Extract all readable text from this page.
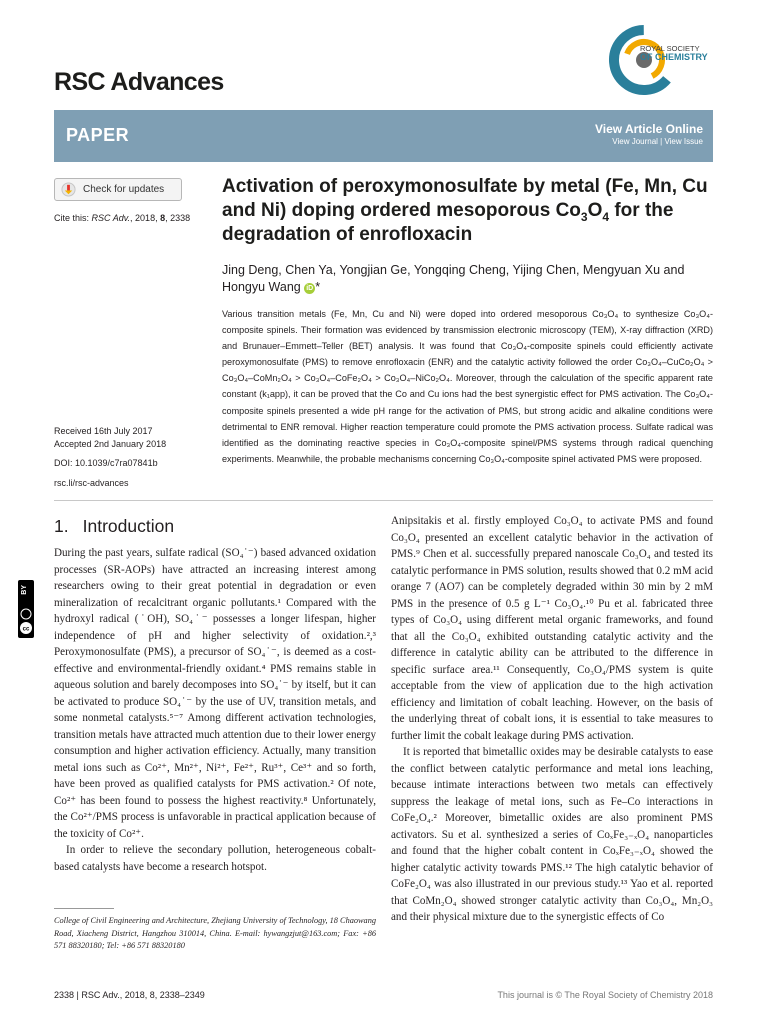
RSC Advances
ROYAL SOCIETY
OF CHEMISTRY
PAPER	View Article Online
View Journal | View Issue
Check for updates
Cite this: RSC Adv., 2018, 8, 2338
Activation of peroxymonosulfate by metal (Fe, Mn, Cu and Ni) doping ordered mesoporous $Co_3O_4$ for the degradation of enrofloxacin
Jing Deng, Chen Ya, Yongjian Ge, Yongqing Cheng, Yijing Chen, Mengyuan Xu and Hongyu Wang iD *
Various transition metals (Fe, Mn, Cu and Ni) were doped into ordered mesoporous Co₃O₄ to synthesize Co₃O₄-composite spinels. Their formation was evidenced by transmission electronic microscopy (TEM), X-ray diffraction (XRD) and Brunauer–Emmett–Teller (BET) analysis. It was found that Co₃O₄-composite spinels could efficiently activate peroxymonosulfate (PMS) to remove enrofloxacin (ENR) and the catalytic activity followed the order Co₃O₄–CuCo₂O₄ > Co₃O₄–CoMn₂O₄ > Co₃O₄–CoFe₂O₄ > Co₃O₄–NiCo₂O₄. Moreover, through the calculation of the specific apparent rate constant (k₁app), it can be proved that the Co and Cu ions had the best synergistic effect for PMS activation. The Co₃O₄-composite spinels presented a wide pH range for the activation of PMS, but strong acidic and alkaline conditions were detrimental to ENR removal. Higher reaction temperature could promote the PMS activation process. Sulfate radical was identified as the dominating reactive species in Co₃O₄-composite spinel/PMS systems through radical quenching experiments. Meanwhile, the probable mechanisms concerning Co₃O₄-composite spinel activated PMS were proposed.
Received 16th July 2017
Accepted 2nd January 2018
DOI: 10.1039/c7ra07841b
rsc.li/rsc-advances
1. Introduction
cc
BY

During the past years, sulfate radical (SO₄˙⁻) based advanced oxidation processes (SR-AOPs) have attracted an increasing interest among researchers owing to their great potential in degradation or even mineralization of recalcitrant organic pollutants.¹ Compared with the hydroxyl radical (˙OH), SO₄˙⁻ possesses a longer lifespan, higher independence of pH and higher selectivity of oxidation.²,³ Peroxymonosulfate (PMS), a precursor of SO₄˙⁻, is deemed as a cost-effective and environmental-friendly oxidant.⁴ PMS remains stable in aqueous solution and barely decomposes into SO₄˙⁻ by itself, but it can be activated to produce SO₄˙⁻ by the use of UV, transition metals, and some nonmetal catalysts.⁵⁻⁷ Among different activation technologies, transition metals have attracted much attention due to their lower energy consumption and higher activation efficiency. Actually, many transition metal ions such as Co²⁺, Mn²⁺, Ni²⁺, Fe²⁺, Ru³⁺, Ce³⁺ and so forth, have been proved as qualified catalysts for PMS activation.² Of note, Co²⁺ has been found to possess the highest reactivity.⁸ Unfortunately, the Co²⁺/PMS process is unfavorable in practical application because of the toxicity of Co²⁺.

In order to relieve the secondary pollution, heterogeneous cobalt-based catalysts have become a research hotspot.

Anipsitakis et al. firstly employed Co₃O₄ to activate PMS and found Co₃O₄ presented an excellent catalytic behavior in the activation of PMS.⁹ Chen et al. successfully prepared nanoscale Co₃O₄ and tested its catalytic performance in PMS solution, results showed that 0.2 mM acid orange 7 (AO7) can be completely degraded within 30 min by 2 mM PMS in the presence of 0.5 g L⁻¹ Co₃O₄.¹⁰ Pu et al. fabricated three types of Co₃O₄ using different metal organic frameworks, and found that all the Co₃O₄ exhibited outstanding catalytic activity and the difference in catalytic ability can be attributed to the difference in specific surface area.¹¹ Consequently, Co₃O₄/PMS system is quite acceptable from the view of application due to the high activation efficiency and limitation of cobalt leaching. However, on the basis of the underlying threat of cobalt ions, it is essential to take measures to further limit the cobalt leakage during PMS activation.

It is reported that bimetallic oxides may be desirable catalysts to ease the conflict between catalytic performance and metal ions leaching, because intimate interactions between two metals can effectively suppress the leakage of metal ions, such as Fe–Co interactions in CoFe₂O₄.² Moreover, bimetallic oxides are also prominent PMS activators. Su et al. synthesized a series of CoₓFe₃₋ₓO₄ nanoparticles and found that the higher cobalt content in CoₓFe₃₋ₓO₄ showed the higher catalytic activity towards PMS.¹² The high catalytic behavior of CoFe₂O₄ was also illustrated in our previous study.¹³ Yao et al. reported that CoMn₂O₄ showed stronger catalytic activity than Co₃O₄, Mn₂O₃ and their physical mixture due to the synergistic effects of Co

College of Civil Engineering and Architecture, Zhejiang University of Technology, 18 Chaowang Road, Xiacheng District, Hangzhou 310014, China. E-mail: hywangzjut@163.com; Fax: +86 571 88320180; Tel: +86 571 88320180
2338 | RSC Adv., 2018, 8, 2338–2349	This journal is © The Royal Society of Chemistry 2018
